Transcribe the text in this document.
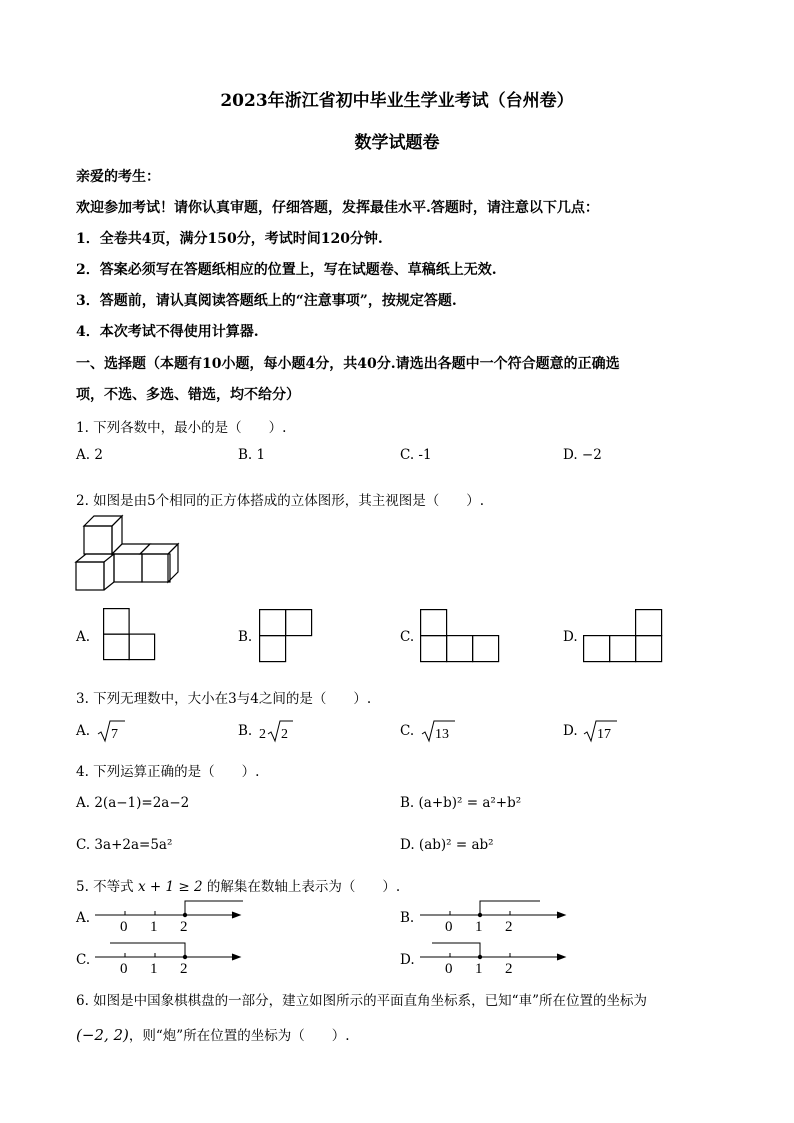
2023年浙江省初中毕业生学业考试（台州卷）
数学试题卷
亲爱的考生：
欢迎参加考试！请你认真审题，仔细答题，发挥最佳水平.答题时，请注意以下几点：
1．全卷共4页，满分150分，考试时间120分钟.
2．答案必须写在答题纸相应的位置上，写在试题卷、草稿纸上无效.
3．答题前，请认真阅读答题纸上的“注意事项”，按规定答题.
4．本次考试不得使用计算器.
一、选择题（本题有10小题，每小题4分，共40分.请选出各题中一个符合题意的正确选
项，不选、多选、错选，均不给分）
1. 下列各数中，最小的是（　　）.
A. 2	B. 1	C. -1	D. −2
2. 如图是由5个相同的正方体搭成的立体图形，其主视图是（　　）.
A.	B.	C.	D.
3. 下列无理数中，大小在3与4之间的是（　　）.
A. 7	B. 2 2	C. 13	D. 17
4. 下列运算正确的是（　　）.
A. 2(a−1)=2a−2	B. (a+b)² = a²+b²
C. 3a+2a=5a²	D. (ab)² = ab²
5. 不等式 x + 1 ≥ 2 的解集在数轴上表示为（　　）.
A.
0 1 2
B.
0 1 2
C.
0 1 2
D.
0 1 2
6. 如图是中国象棋棋盘的一部分，建立如图所示的平面直角坐标系，已知“車”所在位置的坐标为
(−2, 2)，则“炮”所在位置的坐标为（　　）.
